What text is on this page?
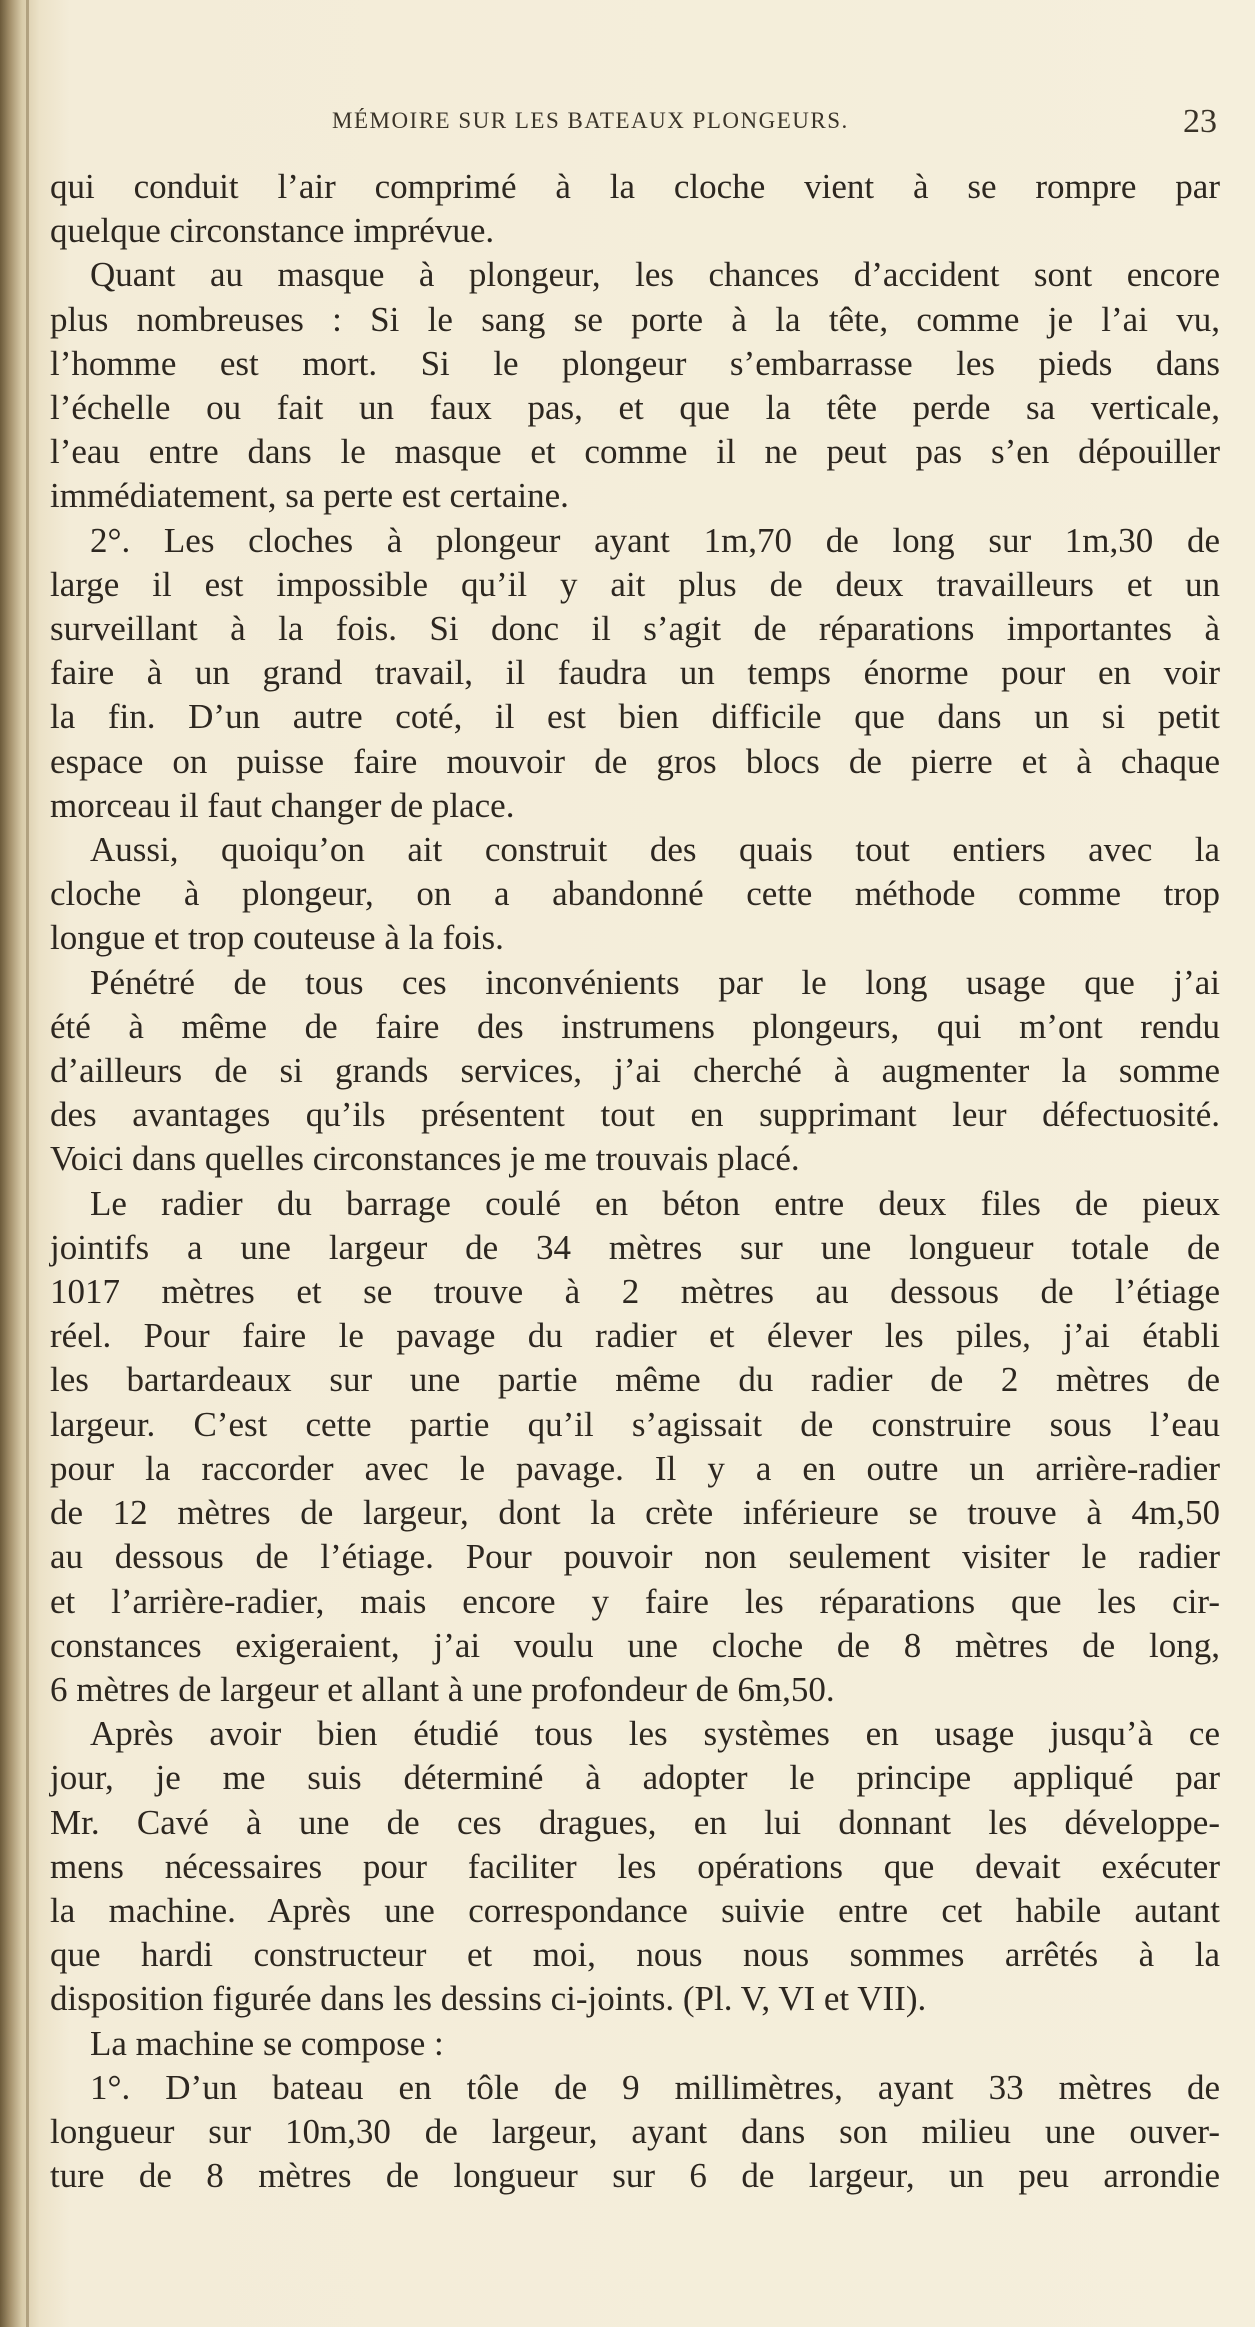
MÉMOIRE SUR LES BATEAUX PLONGEURS.	23

qui conduit l’air comprimé à la cloche vient à se rompre par

quelque circonstance imprévue.

Quant au masque à plongeur, les chances d’accident sont encore

plus nombreuses : Si le sang se porte à la tête, comme je l’ai vu,

l’homme est mort. Si le plongeur s’embarrasse les pieds dans

l’échelle ou fait un faux pas, et que la tête perde sa verticale,

l’eau entre dans le masque et comme il ne peut pas s’en dépouiller

immédiatement, sa perte est certaine.

2°. Les cloches à plongeur ayant 1m,70 de long sur 1m,30 de

large il est impossible qu’il y ait plus de deux travailleurs et un

surveillant à la fois. Si donc il s’agit de réparations importantes à

faire à un grand travail, il faudra un temps énorme pour en voir

la fin. D’un autre coté, il est bien difficile que dans un si petit

espace on puisse faire mouvoir de gros blocs de pierre et à chaque

morceau il faut changer de place.

Aussi, quoiqu’on ait construit des quais tout entiers avec la

cloche à plongeur, on a abandonné cette méthode comme trop

longue et trop couteuse à la fois.

Pénétré de tous ces inconvénients par le long usage que j’ai

été à même de faire des instrumens plongeurs, qui m’ont rendu

d’ailleurs de si grands services, j’ai cherché à augmenter la somme

des avantages qu’ils présentent tout en supprimant leur défectuosité.

Voici dans quelles circonstances je me trouvais placé.

Le radier du barrage coulé en béton entre deux files de pieux

jointifs a une largeur de 34 mètres sur une longueur totale de

1017 mètres et se trouve à 2 mètres au dessous de l’étiage

réel. Pour faire le pavage du radier et élever les piles, j’ai établi

les bartardeaux sur une partie même du radier de 2 mètres de

largeur. C’est cette partie qu’il s’agissait de construire sous l’eau

pour la raccorder avec le pavage. Il y a en outre un arrière-radier

de 12 mètres de largeur, dont la crète inférieure se trouve à 4m,50

au dessous de l’étiage. Pour pouvoir non seulement visiter le radier

et l’arrière-radier, mais encore y faire les réparations que les cir-

constances exigeraient, j’ai voulu une cloche de 8 mètres de long,

6 mètres de largeur et allant à une profondeur de 6m,50.

Après avoir bien étudié tous les systèmes en usage jusqu’à ce

jour, je me suis déterminé à adopter le principe appliqué par

Mr. Cavé à une de ces dragues, en lui donnant les développe-

mens nécessaires pour faciliter les opérations que devait exécuter

la machine. Après une correspondance suivie entre cet habile autant

que hardi constructeur et moi, nous nous sommes arrêtés à la

disposition figurée dans les dessins ci-joints. (Pl. V, VI et VII).

La machine se compose :

1°. D’un bateau en tôle de 9 millimètres, ayant 33 mètres de

longueur sur 10m,30 de largeur, ayant dans son milieu une ouver-

ture de 8 mètres de longueur sur 6 de largeur, un peu arrondie
